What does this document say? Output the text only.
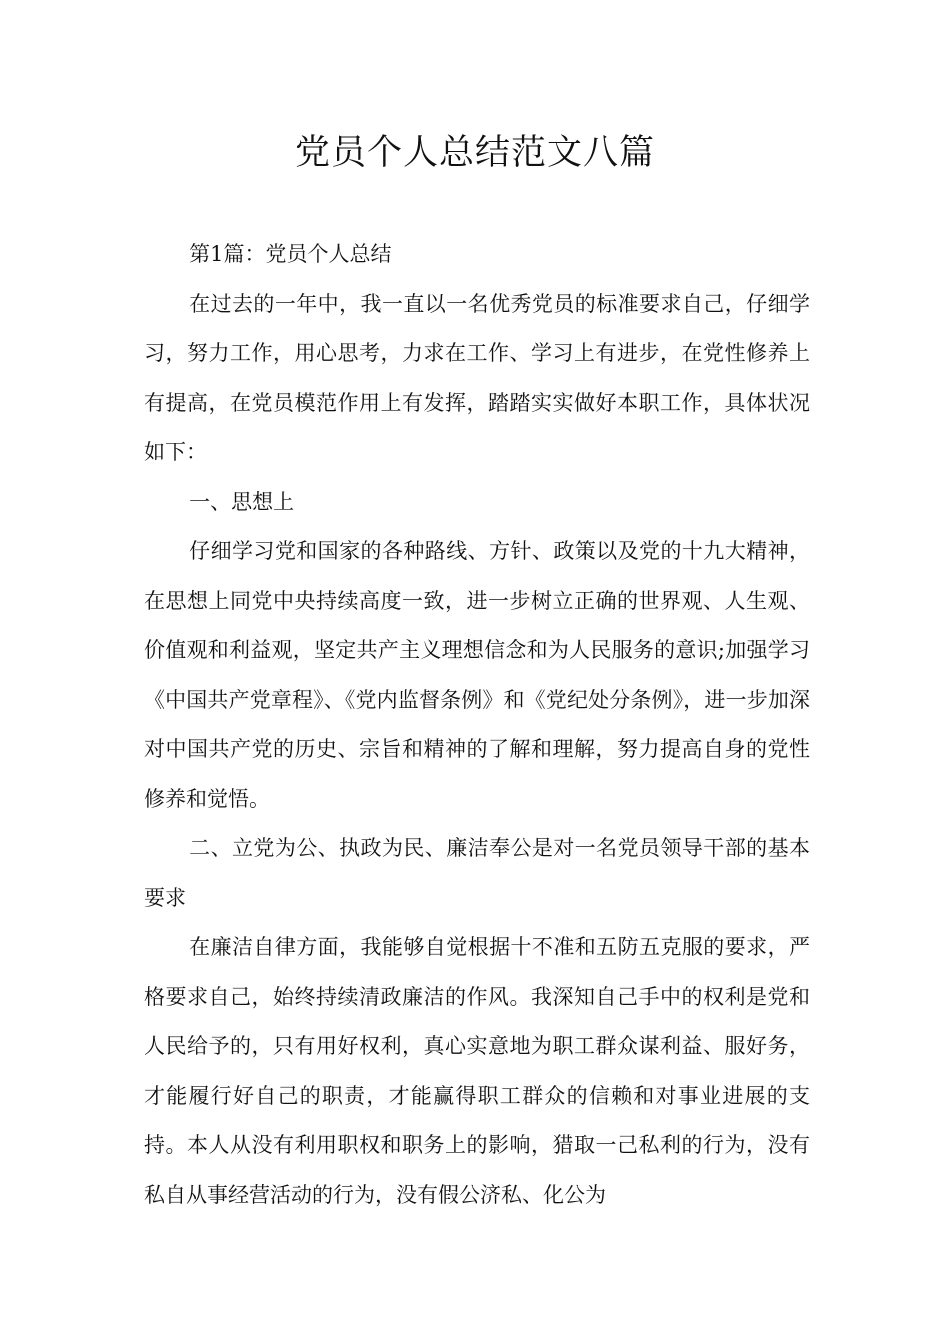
党员个人总结范文八篇

第1篇：党员个人总结

在过去的一年中，我一直以一名优秀党员的标准要求自己，仔细学习，努力工作，用心思考，力求在工作、学习上有进步，在党性修养上有提高，在党员模范作用上有发挥，踏踏实实做好本职工作，具体状况如下：

一、思想上

仔细学习党和国家的各种路线、方针、政策以及党的十九大精神，在思想上同党中央持续高度一致，进一步树立正确的世界观、人生观、价值观和利益观，坚定共产主义理想信念和为人民服务的意识;加强学习《中国共产党章程》、《党内监督条例》和《党纪处分条例》，进一步加深对中国共产党的历史、宗旨和精神的了解和理解，努力提高自身的党性修养和觉悟。

二、立党为公、执政为民、廉洁奉公是对一名党员领导干部的基本要求

在廉洁自律方面，我能够自觉根据十不准和五防五克服的要求，严格要求自己，始终持续清政廉洁的作风。我深知自己手中的权利是党和人民给予的，只有用好权利，真心实意地为职工群众谋利益、服好务，才能履行好自己的职责，才能赢得职工群众的信赖和对事业进展的支持。本人从没有利用职权和职务上的影响，猎取一己私利的行为，没有私自从事经营活动的行为，没有假公济私、化公为
